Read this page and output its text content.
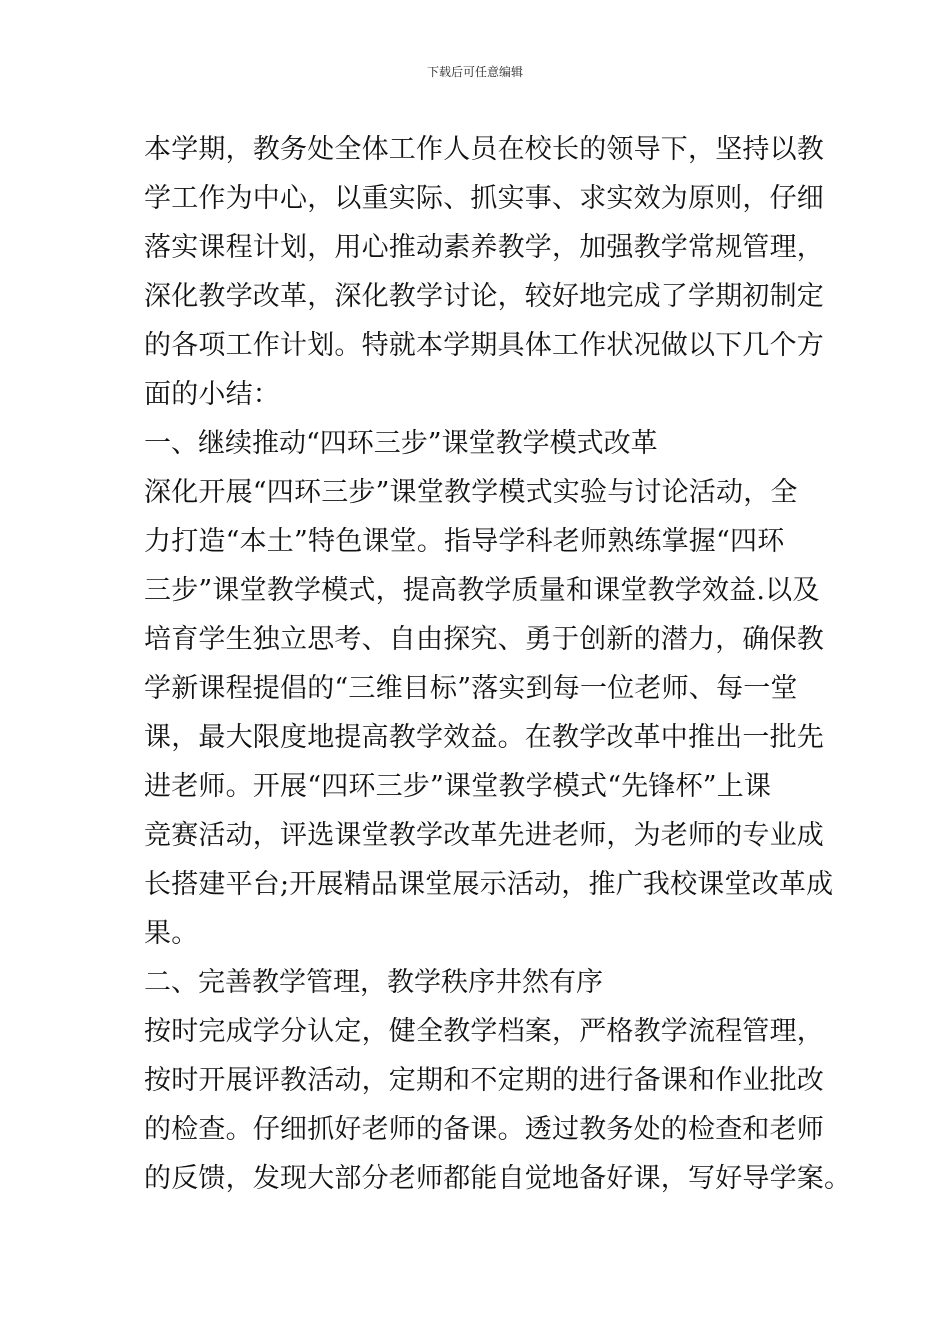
下载后可任意编辑
本学期，教务处全体工作人员在校长的领导下，坚持以教
学工作为中心，以重实际、抓实事、求实效为原则，仔细
落实课程计划，用心推动素养教学，加强教学常规管理，
深化教学改革，深化教学讨论，较好地完成了学期初制定
的各项工作计划。特就本学期具体工作状况做以下几个方
面的小结：
一、继续推动“四环三步”课堂教学模式改革
深化开展“四环三步”课堂教学模式实验与讨论活动，全
力打造“本土”特色课堂。指导学科老师熟练掌握“四环
三步”课堂教学模式，提高教学质量和课堂教学效益.以及
培育学生独立思考、自由探究、勇于创新的潜力，确保教
学新课程提倡的“三维目标”落实到每一位老师、每一堂
课，最大限度地提高教学效益。在教学改革中推出一批先
进老师。开展“四环三步”课堂教学模式“先锋杯”上课
竞赛活动，评选课堂教学改革先进老师，为老师的专业成
长搭建平台;开展精品课堂展示活动，推广我校课堂改革成
果。
二、完善教学管理，教学秩序井然有序
按时完成学分认定，健全教学档案，严格教学流程管理，
按时开展评教活动，定期和不定期的进行备课和作业批改
的检查。仔细抓好老师的备课。透过教务处的检查和老师
的反馈，发现大部分老师都能自觉地备好课，写好导学案。
